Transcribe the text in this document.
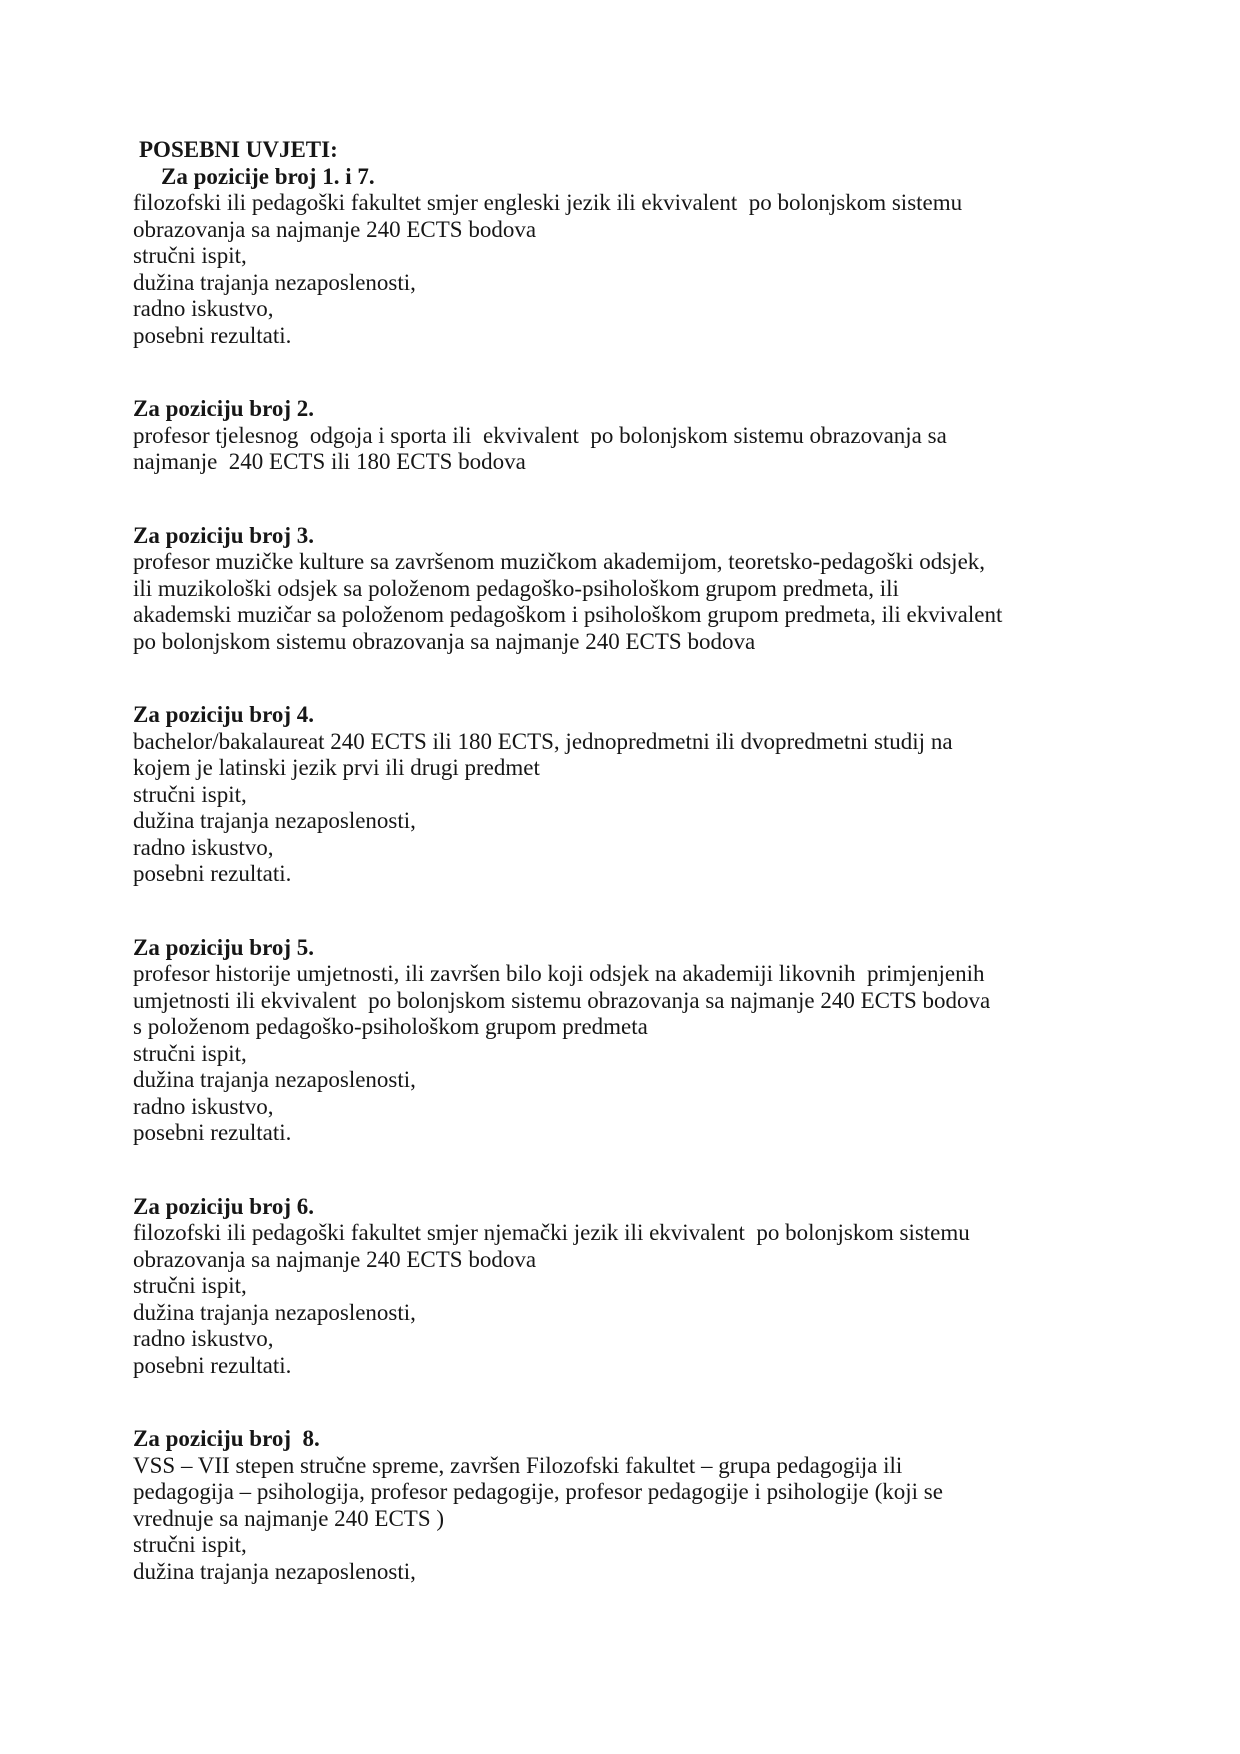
POSEBNI UVJETI:
Za pozicije broj 1. i 7.
filozofski ili pedagoški fakultet smjer engleski jezik ili ekvivalent  po bolonjskom sistemu
obrazovanja sa najmanje 240 ECTS bodova
stručni ispit,
dužina trajanja nezaposlenosti,
radno iskustvo,
posebni rezultati.
Za poziciju broj 2.
profesor tjelesnog  odgoja i sporta ili  ekvivalent  po bolonjskom sistemu obrazovanja sa
najmanje  240 ECTS ili 180 ECTS bodova
Za poziciju broj 3.
profesor muzičke kulture sa završenom muzičkom akademijom, teoretsko-pedagoški odsjek,
ili muzikološki odsjek sa položenom pedagoško-psihološkom grupom predmeta, ili
akademski muzičar sa položenom pedagoškom i psihološkom grupom predmeta, ili ekvivalent
po bolonjskom sistemu obrazovanja sa najmanje 240 ECTS bodova
Za poziciju broj 4.
bachelor/bakalaureat 240 ECTS ili 180 ECTS, jednopredmetni ili dvopredmetni studij na
kojem je latinski jezik prvi ili drugi predmet
stručni ispit,
dužina trajanja nezaposlenosti,
radno iskustvo,
posebni rezultati.
Za poziciju broj 5.
profesor historije umjetnosti, ili završen bilo koji odsjek na akademiji likovnih  primjenjenih
umjetnosti ili ekvivalent  po bolonjskom sistemu obrazovanja sa najmanje 240 ECTS bodova
s položenom pedagoško-psihološkom grupom predmeta
stručni ispit,
dužina trajanja nezaposlenosti,
radno iskustvo,
posebni rezultati.
Za poziciju broj 6.
filozofski ili pedagoški fakultet smjer njemački jezik ili ekvivalent  po bolonjskom sistemu
obrazovanja sa najmanje 240 ECTS bodova
stručni ispit,
dužina trajanja nezaposlenosti,
radno iskustvo,
posebni rezultati.
Za poziciju broj  8.
VSS – VII stepen stručne spreme, završen Filozofski fakultet – grupa pedagogija ili
pedagogija – psihologija, profesor pedagogije, profesor pedagogije i psihologije (koji se
vrednuje sa najmanje 240 ECTS )
stručni ispit,
dužina trajanja nezaposlenosti,
